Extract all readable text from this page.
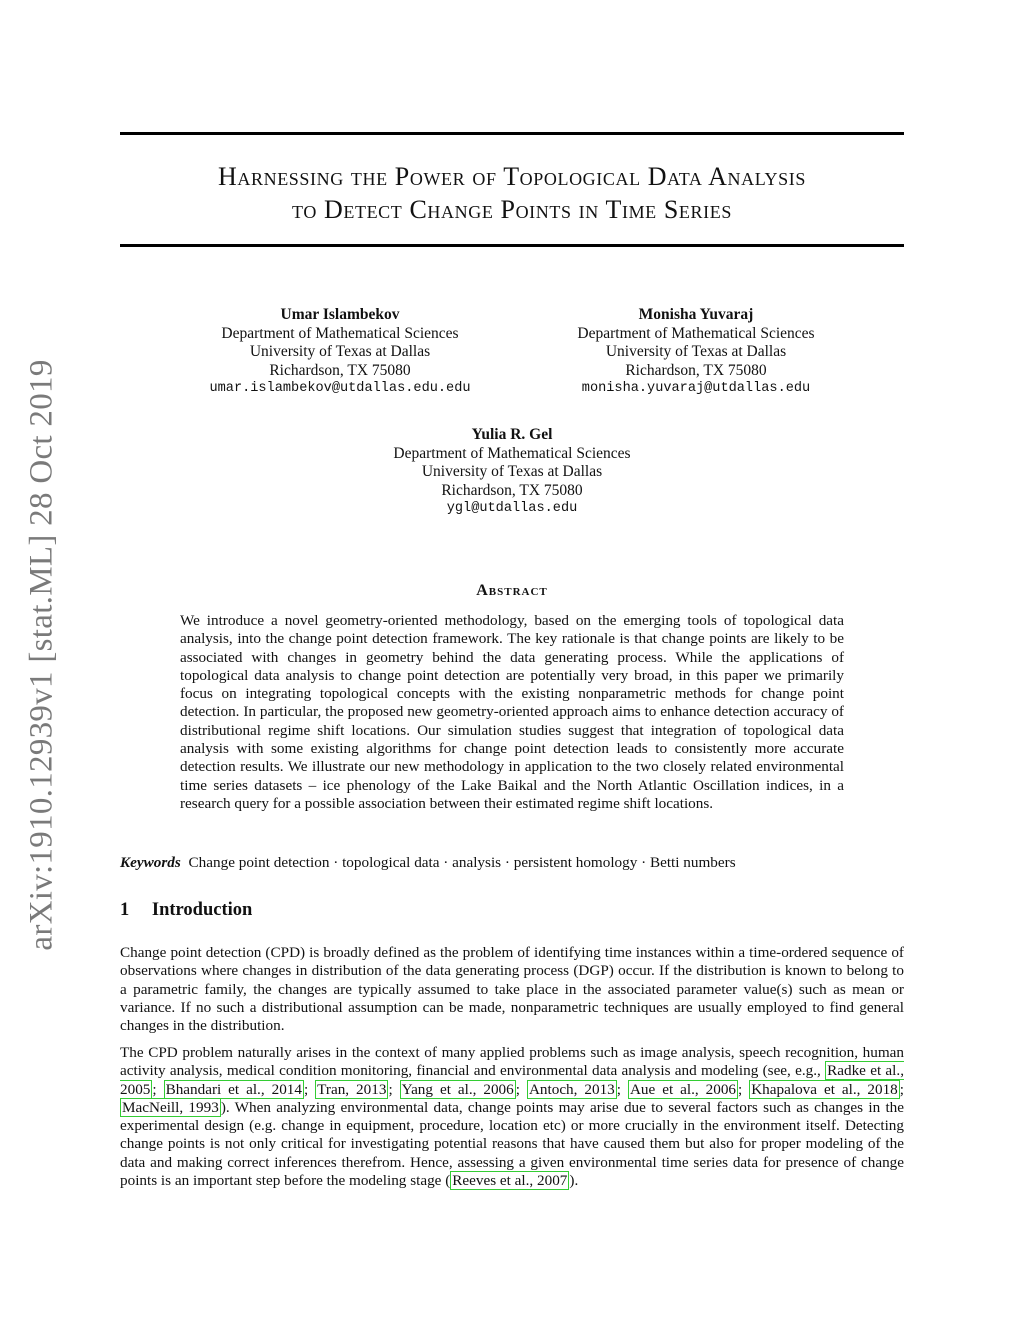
arXiv:1910.12939v1 [stat.ML] 28 Oct 2019
Harnessing the Power of Topological Data Analysis
to Detect Change Points in Time Series
Umar Islambekov
Department of Mathematical Sciences
University of Texas at Dallas
Richardson, TX 75080
umar.islambekov@utdallas.edu.edu
Monisha Yuvaraj
Department of Mathematical Sciences
University of Texas at Dallas
Richardson, TX 75080
monisha.yuvaraj@utdallas.edu
Yulia R. Gel
Department of Mathematical Sciences
University of Texas at Dallas
Richardson, TX 75080
ygl@utdallas.edu
Abstract
We introduce a novel geometry-oriented methodology, based on the emerging tools of topological data analysis, into the change point detection framework. The key rationale is that change points are likely to be associated with changes in geometry behind the data generating process. While the applications of topological data analysis to change point detection are potentially very broad, in this paper we primarily focus on integrating topological concepts with the existing nonparametric methods for change point detection. In particular, the proposed new geometry-oriented approach aims to enhance detection accuracy of distributional regime shift locations. Our simulation studies suggest that integration of topological data analysis with some existing algorithms for change point detection leads to consistently more accurate detection results. We illustrate our new methodology in application to the two closely related environmental time series datasets – ice phenology of the Lake Baikal and the North Atlantic Oscillation indices, in a research query for a possible association between their estimated regime shift locations.
Keywords Change point detection · topological data · analysis · persistent homology · Betti numbers
1 Introduction

Change point detection (CPD) is broadly defined as the problem of identifying time instances within a time-ordered sequence of observations where changes in distribution of the data generating process (DGP) occur. If the distribution is known to belong to a parametric family, the changes are typically assumed to take place in the associated parameter value(s) such as mean or variance. If no such a distributional assumption can be made, nonparametric techniques are usually employed to find general changes in the distribution.

The CPD problem naturally arises in the context of many applied problems such as image analysis, speech recognition, human activity analysis, medical condition monitoring, financial and environmental data analysis and modeling (see, e.g., Radke et al., 2005 ; Bhandari et al., 2014 ; Tran, 2013 ; Yang et al., 2006 ; Antoch, 2013 ; Aue et al., 2006 ; Khapalova et al., 2018 ; MacNeill, 1993 ). When analyzing environmental data, change points may arise due to several factors such as changes in the experimental design (e.g. change in equipment, procedure, location etc) or more crucially in the environment itself. Detecting change points is not only critical for investigating potential reasons that have caused them but also for proper modeling of the data and making correct inferences therefrom. Hence, assessing a given environmental time series data for presence of change points is an important step before the modeling stage ( Reeves et al., 2007 ).
